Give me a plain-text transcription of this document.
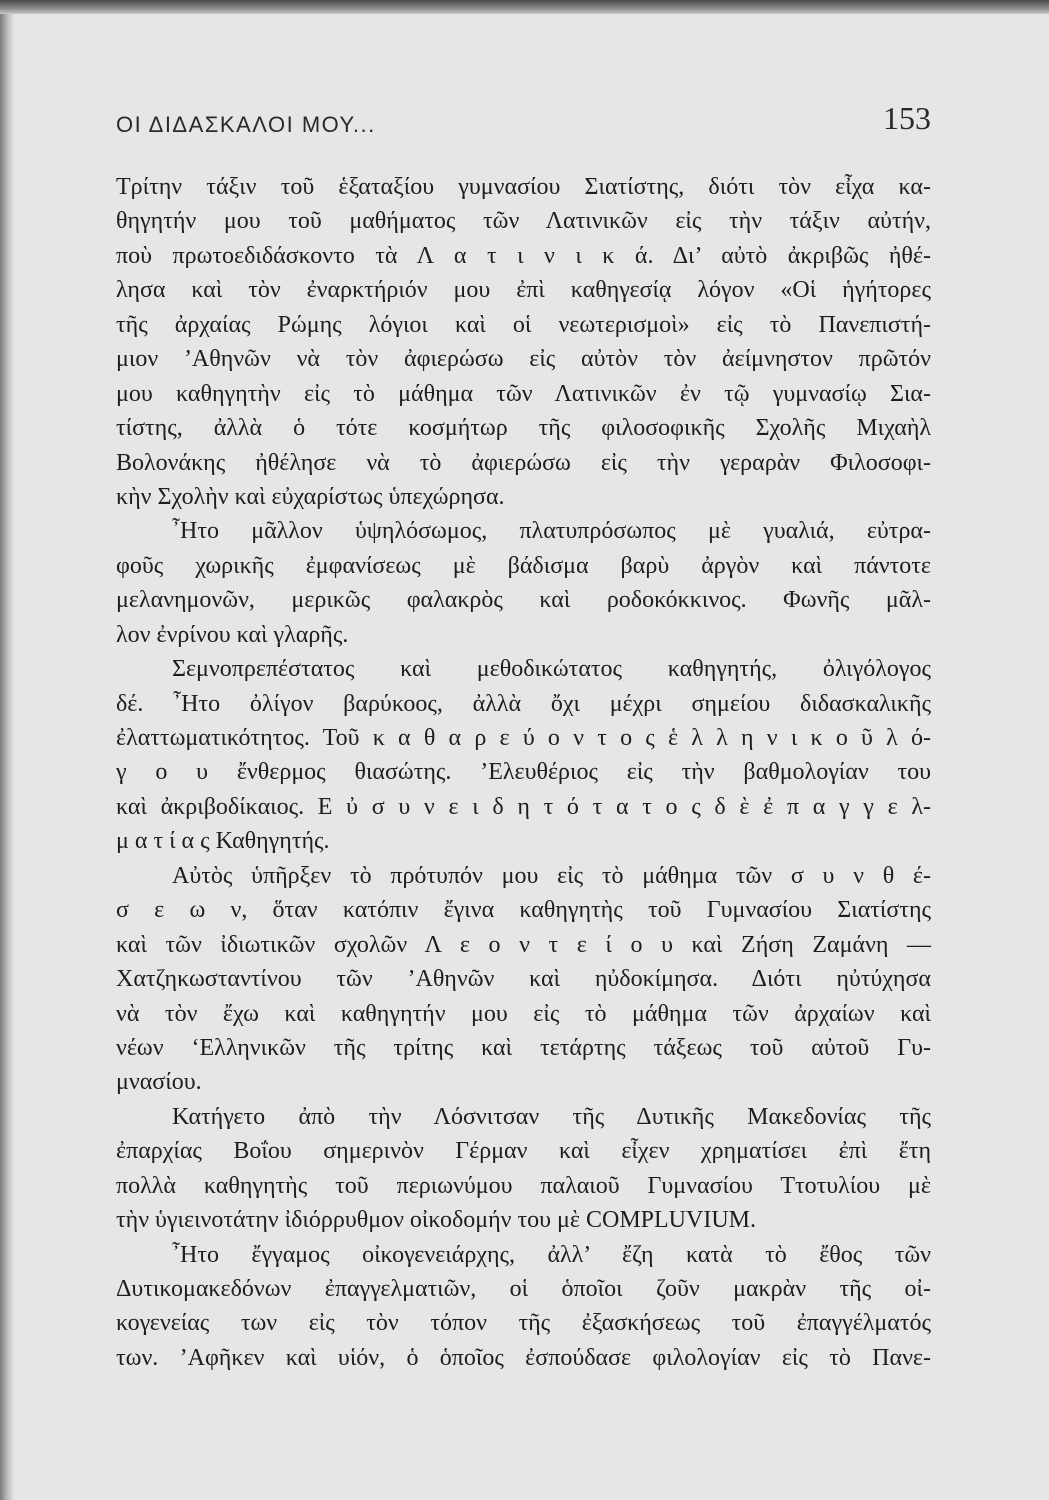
ΟΙ ΔΙΔΑΣΚΑΛΟΙ ΜΟΥ...	153
Τρίτην τάξιν τοῦ ἑξαταξίου γυμνασίου Σιατίστης, διότι τὸν εἶχα κα-
θηγητήν μου τοῦ μαθήματος τῶν Λατινικῶν εἰς τὴν τάξιν αὐτήν,
ποὺ πρωτοεδιδάσκοντο τὰ Λ α τ ι ν ι κ ά. Δι’ αὐτὸ ἀκριβῶς ἠθέ-
λησα καὶ τὸν ἐναρκτήριόν μου ἐπὶ καθηγεσίᾳ λόγον «Οἱ ἡγήτορες
τῆς ἀρχαίας Ρώμης λόγιοι καὶ οἱ νεωτερισμοὶ» εἰς τὸ Πανεπιστή-
μιον ’Αθηνῶν νὰ τὸν ἀφιερώσω εἰς αὐτὸν τὸν ἀείμνηστον πρῶτόν
μου καθηγητὴν εἰς τὸ μάθημα τῶν Λατινικῶν ἐν τῷ γυμνασίῳ Σια-
τίστης, ἀλλὰ ὁ τότε κοσμήτωρ τῆς φιλοσοφικῆς Σχολῆς Μιχαὴλ
Βολονάκης ἠθέλησε νὰ τὸ ἀφιερώσω εἰς τὴν γεραρὰν Φιλοσοφι-
κὴν Σχολὴν καὶ εὐχαρίστως ὑπεχώρησα.
῏Ητο μᾶλλον ὑψηλόσωμος, πλατυπρόσωπος μὲ γυαλιά, εὐτρα-
φοῦς χωρικῆς ἐμφανίσεως μὲ βάδισμα βαρὺ ἀργὸν καὶ πάντοτε
μελανημονῶν, μερικῶς φαλακρὸς καὶ ροδοκόκκινος. Φωνῆς μᾶλ-
λον ἐνρίνου καὶ γλαρῆς.
Σεμνοπρεπέστατος καὶ μεθοδικώτατος καθηγητής, ὀλιγόλογος
δέ. ῏Ητο ὀλίγον βαρύκοος, ἀλλὰ ὄχι μέχρι σημείου διδασκαλικῆς
ἐλαττωματικότητος. Τοῦ κ α θ α ρ ε ύ ο ν τ ο ς ἑ λ λ η ν ι κ ο ῦ λ ό-
γ ο υ ἔνθερμος θιασώτης. ’Ελευθέριος εἰς τὴν βαθμολογίαν του
καὶ ἀκριβοδίκαιος. Ε ὐ σ υ ν ε ι δ η τ ό τ α τ ο ς δ ὲ ἐ π α γ γ ε λ-
μ α τ ί α ς Καθηγητής.
Αὐτὸς ὑπῆρξεν τὸ πρότυπόν μου εἰς τὸ μάθημα τῶν σ υ ν θ έ-
σ ε ω ν, ὅταν κατόπιν ἔγινα καθηγητὴς τοῦ Γυμνασίου Σιατίστης
καὶ τῶν ἰδιωτικῶν σχολῶν Λ ε ο ν τ ε ί ο υ καὶ Ζήση Ζαμάνη —
Χατζηκωσταντίνου τῶν ’Αθηνῶν καὶ ηὐδοκίμησα. Διότι ηὐτύχησα
νὰ τὸν ἔχω καὶ καθηγητήν μου εἰς τὸ μάθημα τῶν ἀρχαίων καὶ
νέων ‘Ελληνικῶν τῆς τρίτης καὶ τετάρτης τάξεως τοῦ αὐτοῦ Γυ-
μνασίου.
Κατήγετο ἀπὸ τὴν Λόσνιτσαν τῆς Δυτικῆς Μακεδονίας τῆς
ἐπαρχίας Βοΐου σημερινὸν Γέρμαν καὶ εἶχεν χρηματίσει ἐπὶ ἔτη
πολλὰ καθηγητὴς τοῦ περιωνύμου παλαιοῦ Γυμνασίου Ττοτυλίου μὲ
τὴν ὑγιεινοτάτην ἰδιόρρυθμον οἰκοδομήν του μὲ COMPLUVIUM.
῏Ητο ἔγγαμος οἰκογενειάρχης, ἀλλ’ ἔζη κατὰ τὸ ἔθος τῶν
Δυτικομακεδόνων ἐπαγγελματιῶν, οἱ ὁποῖοι ζοῦν μακρὰν τῆς οἰ-
κογενείας των εἰς τὸν τόπον τῆς ἐξασκήσεως τοῦ ἐπαγγέλματός
των. ’Αφῆκεν καὶ υἱόν, ὁ ὁποῖος ἐσπούδασε φιλολογίαν εἰς τὸ Πανε-
